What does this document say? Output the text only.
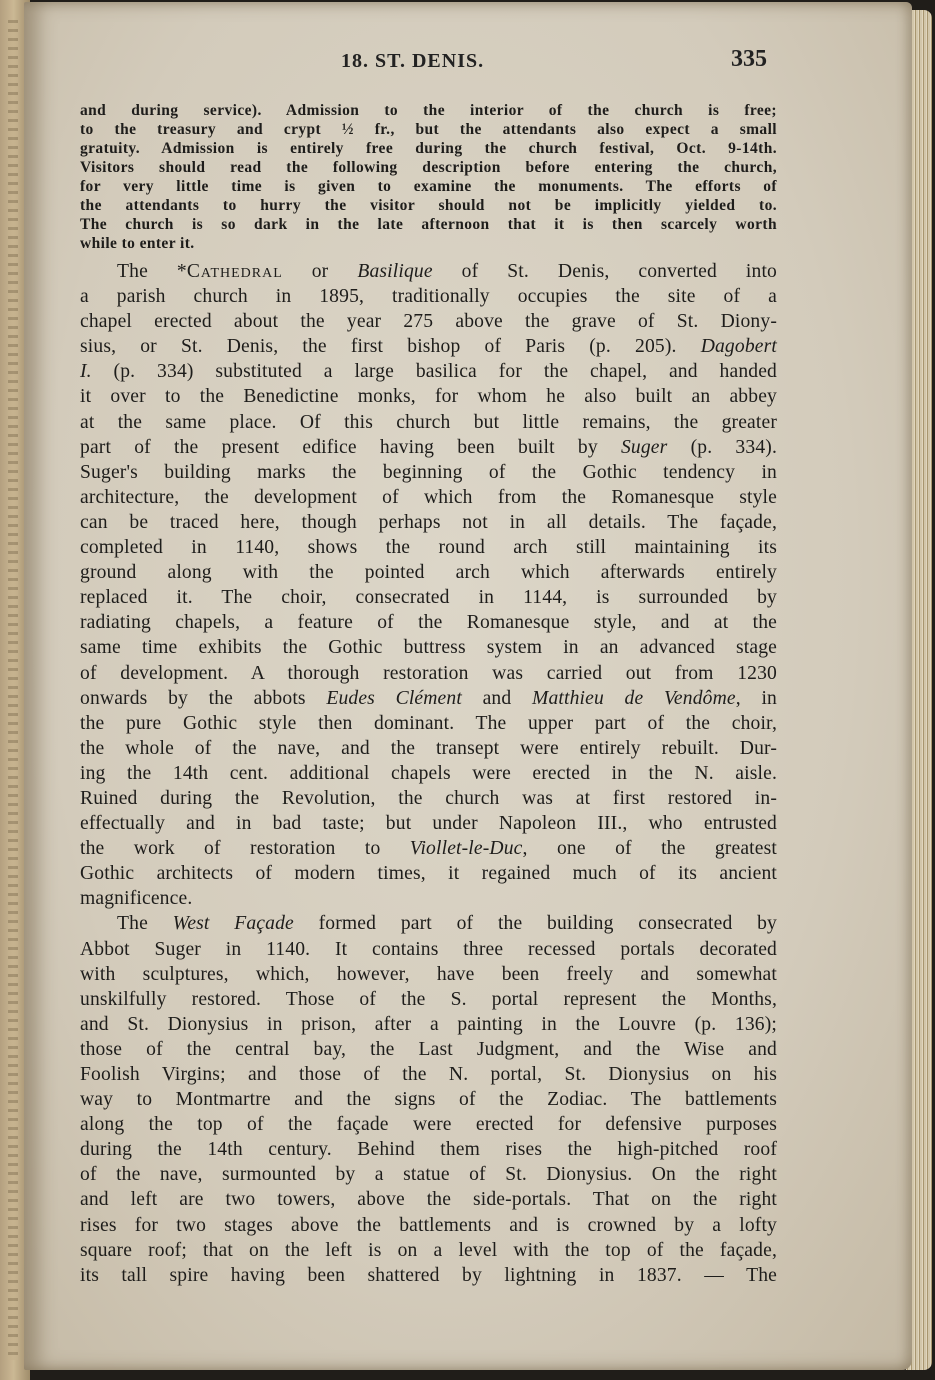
18. ST. DENIS.	335

and during service). Admission to the interior of the church is free;
to the treasury and crypt ½ fr., but the attendants also expect a small
gratuity. Admission is entirely free during the church festival, Oct. 9-14th.
Visitors should read the following description before entering the church,
for very little time is given to examine the monuments. The efforts of
the attendants to hurry the visitor should not be implicitly yielded to.
The church is so dark in the late afternoon that it is then scarcely worth
while to enter it.

The *Cathedral or Basilique of St. Denis, converted into
a parish church in 1895, traditionally occupies the site of a
chapel erected about the year 275 above the grave of St. Diony-
sius, or St. Denis, the first bishop of Paris (p. 205). Dagobert
I. (p. 334) substituted a large basilica for the chapel, and handed
it over to the Benedictine monks, for whom he also built an abbey
at the same place. Of this church but little remains, the greater
part of the present edifice having been built by Suger (p. 334).
Suger's building marks the beginning of the Gothic tendency in
architecture, the development of which from the Romanesque style
can be traced here, though perhaps not in all details. The façade,
completed in 1140, shows the round arch still maintaining its
ground along with the pointed arch which afterwards entirely
replaced it. The choir, consecrated in 1144, is surrounded by
radiating chapels, a feature of the Romanesque style, and at the
same time exhibits the Gothic buttress system in an advanced stage
of development. A thorough restoration was carried out from 1230
onwards by the abbots Eudes Clément and Matthieu de Vendôme, in
the pure Gothic style then dominant. The upper part of the choir,
the whole of the nave, and the transept were entirely rebuilt. Dur-
ing the 14th cent. additional chapels were erected in the N. aisle.
Ruined during the Revolution, the church was at first restored in-
effectually and in bad taste; but under Napoleon III., who entrusted
the work of restoration to Viollet-le-Duc, one of the greatest
Gothic architects of modern times, it regained much of its ancient
magnificence.

The West Façade formed part of the building consecrated by
Abbot Suger in 1140. It contains three recessed portals decorated
with sculptures, which, however, have been freely and somewhat
unskilfully restored. Those of the S. portal represent the Months,
and St. Dionysius in prison, after a painting in the Louvre (p. 136);
those of the central bay, the Last Judgment, and the Wise and
Foolish Virgins; and those of the N. portal, St. Dionysius on his
way to Montmartre and the signs of the Zodiac. The battlements
along the top of the façade were erected for defensive purposes
during the 14th century. Behind them rises the high-pitched roof
of the nave, surmounted by a statue of St. Dionysius. On the right
and left are two towers, above the side-portals. That on the right
rises for two stages above the battlements and is crowned by a lofty
square roof; that on the left is on a level with the top of the façade,
its tall spire having been shattered by lightning in 1837. — The
